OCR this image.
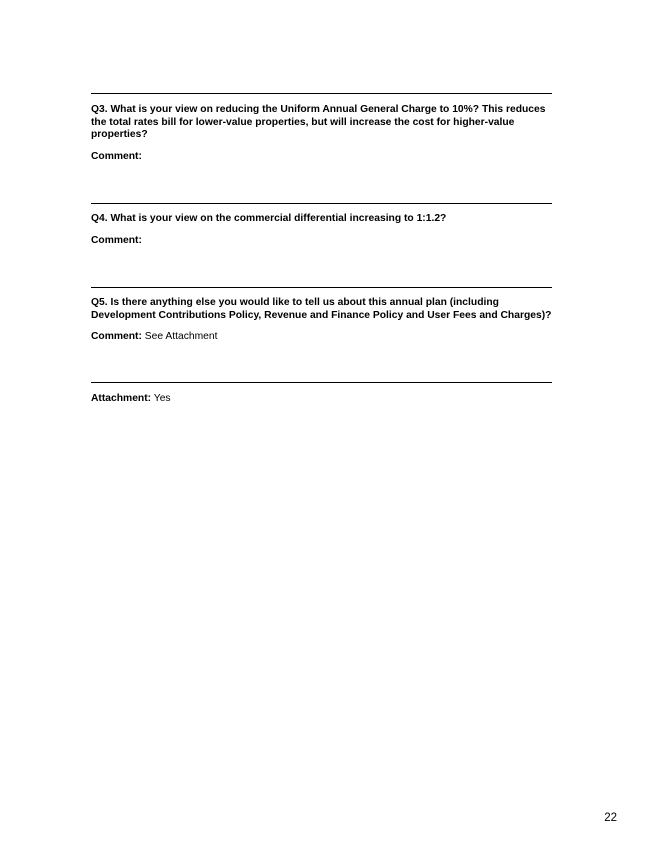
Q3. What is your view on reducing the Uniform Annual General Charge to 10%? This reduces the total rates bill for lower-value properties, but will increase the cost for higher-value properties?

Comment:

Q4. What is your view on the commercial differential increasing to 1:1.2?

Comment:

Q5. Is there anything else you would like to tell us about this annual plan (including Development Contributions Policy, Revenue and Finance Policy and User Fees and Charges)?

Comment: See Attachment

Attachment: Yes

22
